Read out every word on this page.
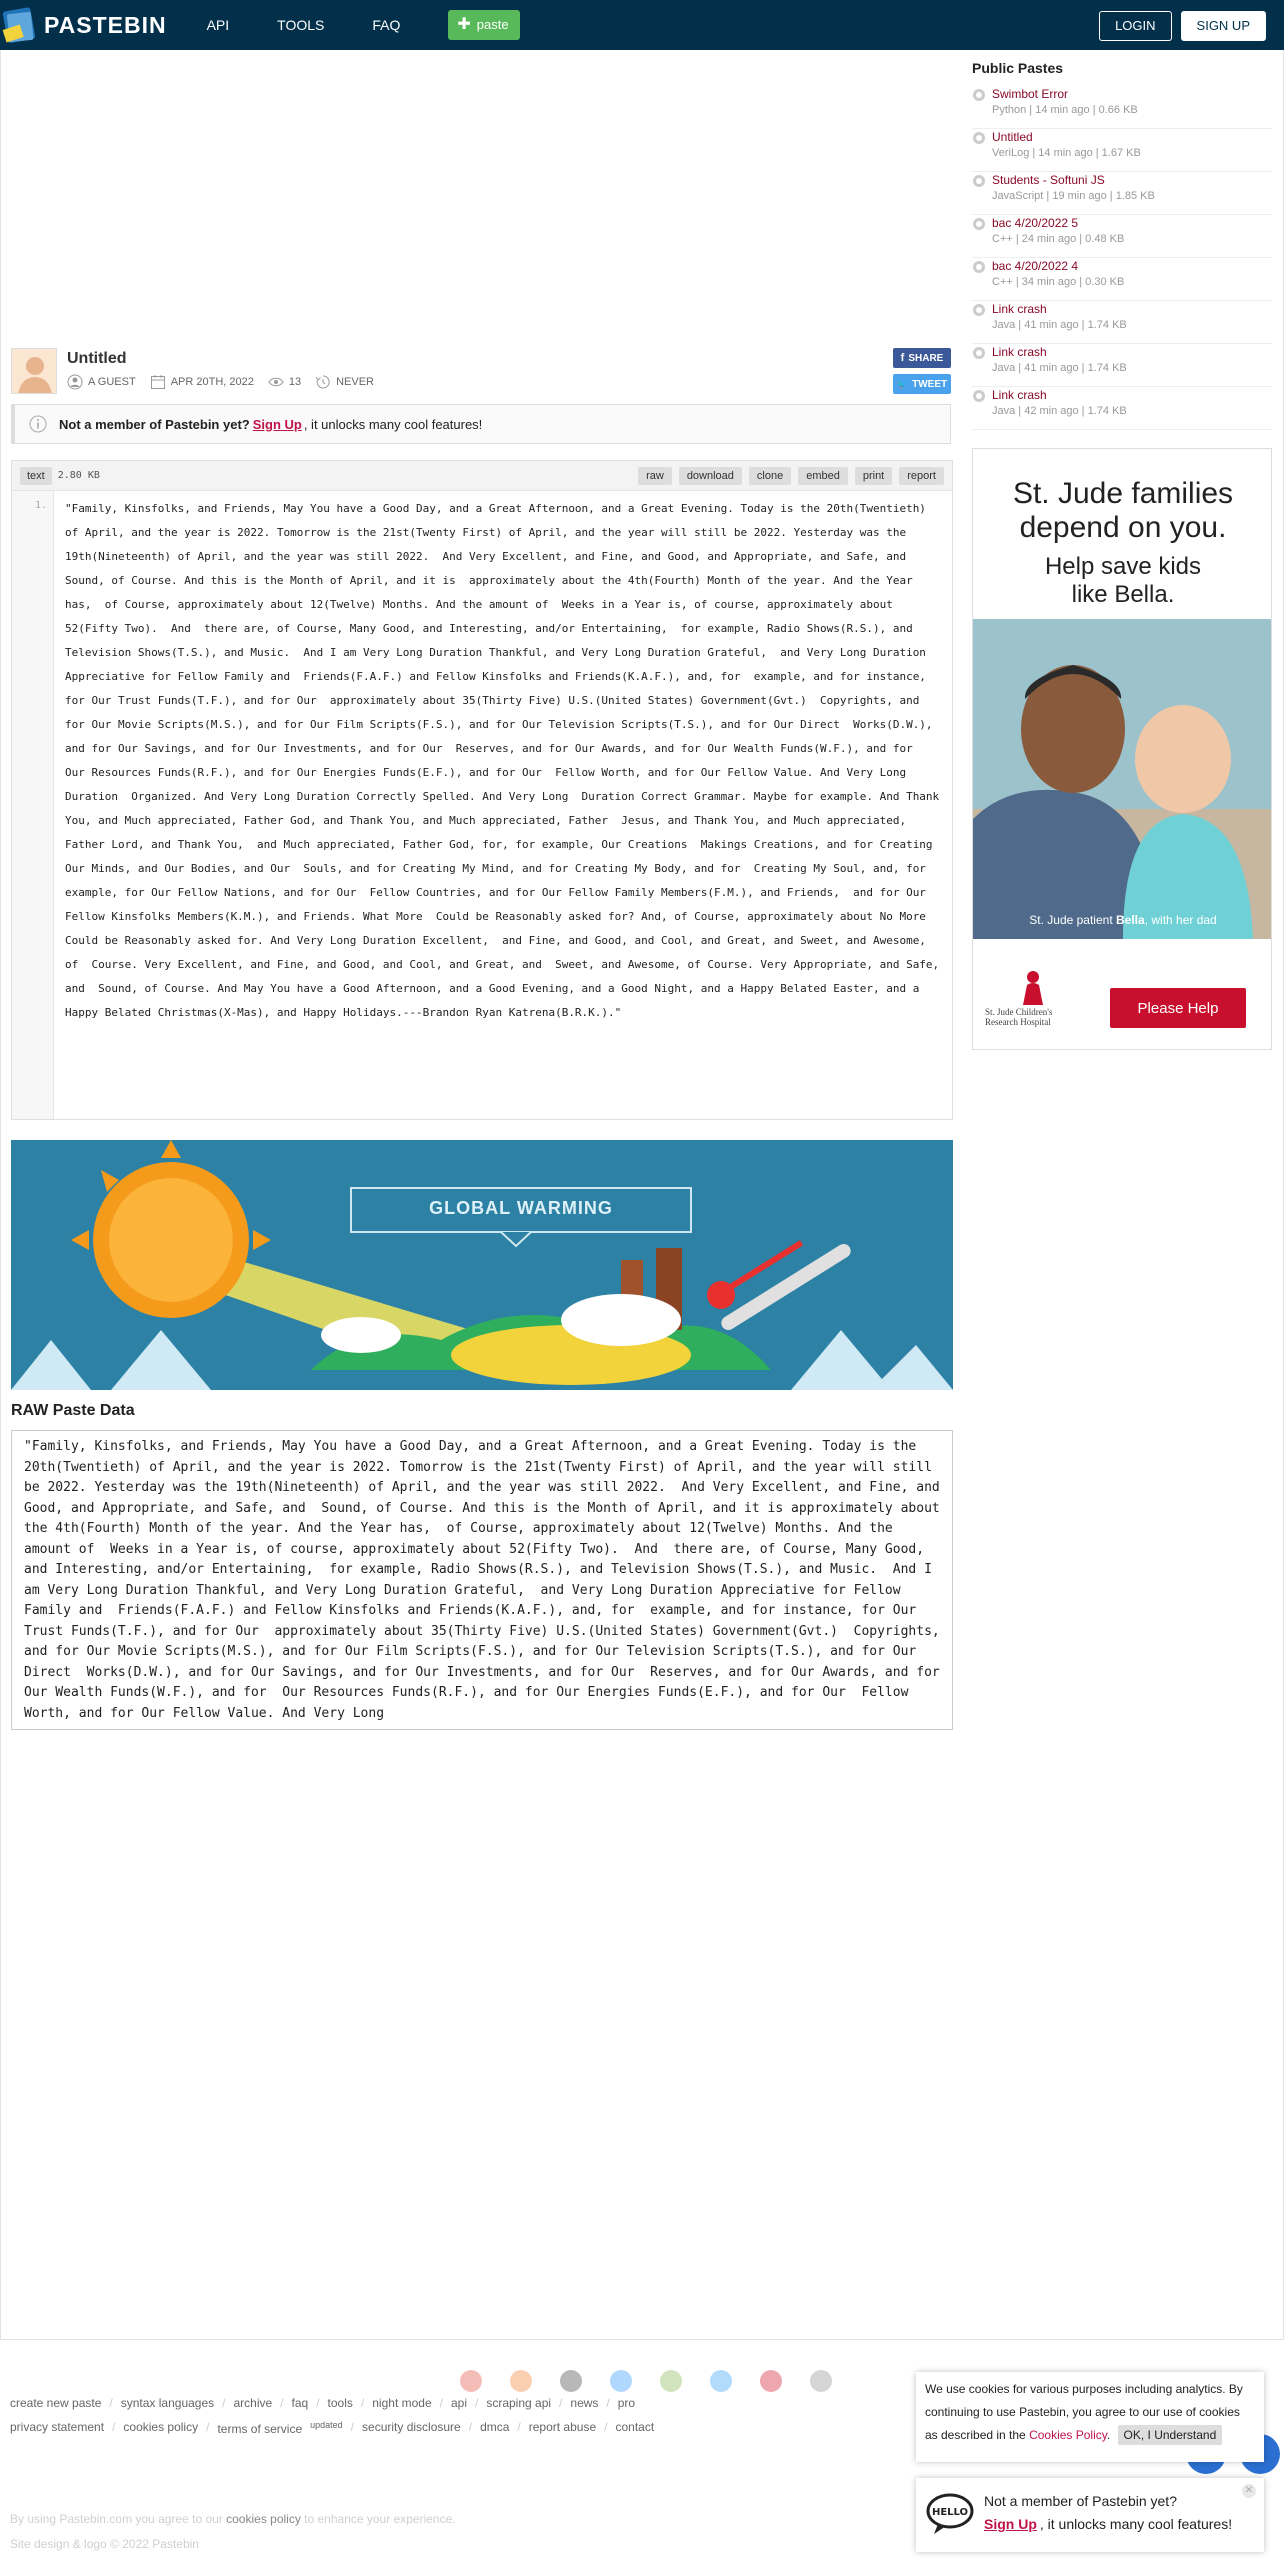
PASTEBIN	API	TOOLS	FAQ	✚ paste	LOGIN	SIGN UP
Untitled
A GUEST	APR 20TH, 2022	13	NEVER
f SHARE
🐦 TWEET
Not a member of Pastebin yet? Sign Up , it unlocks many cool features!
text	2.80 KB	raw	download	clone	embed	print	report
1.	"Family, Kinsfolks, and Friends, May You have a Good Day, and a Great Afternoon, and a Great Evening. Today is the 20th(Twentieth) of April, and the year is 2022. Tomorrow is the 21st(Twenty First) of April, and the year will still be 2022. Yesterday was the 19th(Nineteenth) of April, and the year was still 2022.  And Very Excellent, and Fine, and Good, and Appropriate, and Safe, and  Sound, of Course. And this is the Month of April, and it is  approximately about the 4th(Fourth) Month of the year. And the Year has,  of Course, approximately about 12(Twelve) Months. And the amount of  Weeks in a Year is, of course, approximately about 52(Fifty Two).  And  there are, of Course, Many Good, and Interesting, and/or Entertaining,  for example, Radio Shows(R.S.), and Television Shows(T.S.), and Music.  And I am Very Long Duration Thankful, and Very Long Duration Grateful,  and Very Long Duration Appreciative for Fellow Family and  Friends(F.A.F.) and Fellow Kinsfolks and Friends(K.A.F.), and, for  example, and for instance, for Our Trust Funds(T.F.), and for Our  approximately about 35(Thirty Five) U.S.(United States) Government(Gvt.)  Copyrights, and for Our Movie Scripts(M.S.), and for Our Film Scripts(F.S.), and for Our Television Scripts(T.S.), and for Our Direct  Works(D.W.), and for Our Savings, and for Our Investments, and for Our  Reserves, and for Our Awards, and for Our Wealth Funds(W.F.), and for  Our Resources Funds(R.F.), and for Our Energies Funds(E.F.), and for Our  Fellow Worth, and for Our Fellow Value. And Very Long Duration  Organized. And Very Long Duration Correctly Spelled. And Very Long  Duration Correct Grammar. Maybe for example. And Thank You, and Much appreciated, Father God, and Thank You, and Much appreciated, Father  Jesus, and Thank You, and Much appreciated, Father Lord, and Thank You,  and Much appreciated, Father God, for, for example, Our Creations  Makings Creations, and for Creating Our Minds, and Our Bodies, and Our  Souls, and for Creating My Mind, and for Creating My Body, and for  Creating My Soul, and, for example, for Our Fellow Nations, and for Our  Fellow Countries, and for Our Fellow Family Members(F.M.), and Friends,  and for Our Fellow Kinsfolks Members(K.M.), and Friends. What More  Could be Reasonably asked for? And, of Course, approximately about No More Could be Reasonably asked for. And Very Long Duration Excellent,  and Fine, and Good, and Cool, and Great, and Sweet, and Awesome, of  Course. Very Excellent, and Fine, and Good, and Cool, and Great, and  Sweet, and Awesome, of Course. Very Appropriate, and Safe, and  Sound, of Course. And May You have a Good Afternoon, and a Good Evening, and a Good Night, and a Happy Belated Easter, and a Happy Belated Christmas(X-Mas), and Happy Holidays.---Brandon Ryan Katrena(B.R.K.)."
GLOBAL WARMING
RAW Paste Data
"Family, Kinsfolks, and Friends, May You have a Good Day, and a Great Afternoon, and a Great Evening. Today is the 20th(Twentieth) of April, and the year is 2022. Tomorrow is the 21st(Twenty First) of April, and the year will still be 2022. Yesterday was the 19th(Nineteenth) of April, and the year was still 2022.  And Very Excellent, and Fine, and Good, and Appropriate, and Safe, and  Sound, of Course. And this is the Month of April, and it is approximately about the 4th(Fourth) Month of the year. And the Year has,  of Course, approximately about 12(Twelve) Months. And the amount of  Weeks in a Year is, of course, approximately about 52(Fifty Two).  And  there are, of Course, Many Good, and Interesting, and/or Entertaining,  for example, Radio Shows(R.S.), and Television Shows(T.S.), and Music.  And I am Very Long Duration Thankful, and Very Long Duration Grateful,  and Very Long Duration Appreciative for Fellow Family and  Friends(F.A.F.) and Fellow Kinsfolks and Friends(K.A.F.), and, for  example, and for instance, for Our Trust Funds(T.F.), and for Our  approximately about 35(Thirty Five) U.S.(United States) Government(Gvt.)  Copyrights, and for Our Movie Scripts(M.S.), and for Our Film Scripts(F.S.), and for Our Television Scripts(T.S.), and for Our Direct  Works(D.W.), and for Our Savings, and for Our Investments, and for Our  Reserves, and for Our Awards, and for Our Wealth Funds(W.F.), and for  Our Resources Funds(R.F.), and for Our Energies Funds(E.F.), and for Our  Fellow Worth, and for Our Fellow Value. And Very Long
Public Pastes
Swimbot Error
Python | 14 min ago | 0.66 KB
Untitled
VeriLog | 14 min ago | 1.67 KB
Students - Softuni JS
JavaScript | 19 min ago | 1.85 KB
bac 4/20/2022 5
C++ | 24 min ago | 0.48 KB
bac 4/20/2022 4
C++ | 34 min ago | 0.30 KB
Link crash
Java | 41 min ago | 1.74 KB
Link crash
Java | 41 min ago | 1.74 KB
Link crash
Java | 42 min ago | 1.74 KB
St. Jude families
depend on you.
Help save kids
like Bella.
St. Jude patient Bella, with her dad
St. Jude Children's
Research Hospital
Please Help
create new paste / syntax languages / archive / faq / tools / night mode / api / scraping api / news / pro
privacy statement / cookies policy / terms of service $^{updated}$ / security disclosure / dmca / report abuse / contact
By using Pastebin.com you agree to our cookies policy to enhance your experience.
Site design & logo © 2022 Pastebin
We use cookies for various purposes including analytics. By continuing to use Pastebin, you agree to our use of cookies as described in the Cookies Policy. OK, I Understand
HELLO
Not a member of Pastebin yet?
Sign Up , it unlocks many cool features!
✕
